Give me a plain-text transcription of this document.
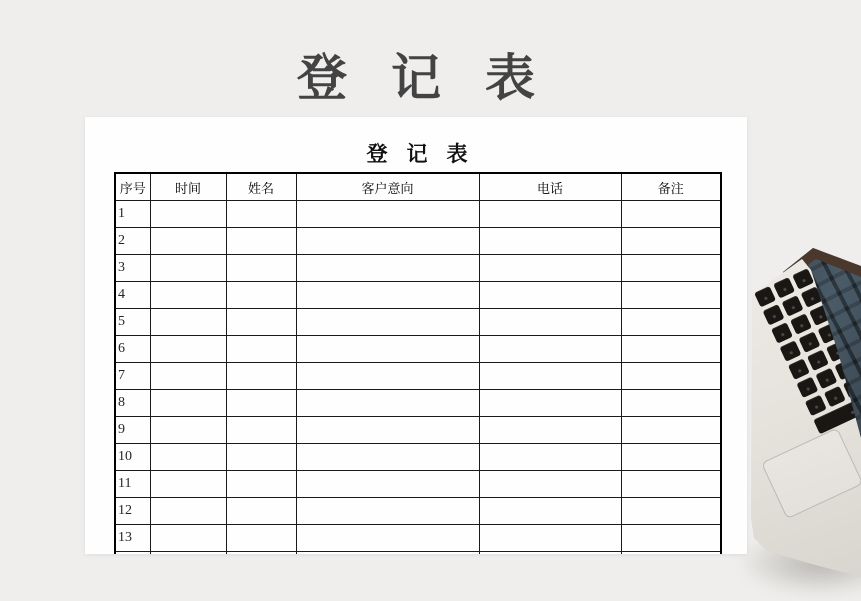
登记表
登记表
序号	时间	姓名	客户意向	电话	备注
1					
2					
3					
4					
5					
6					
7					
8					
9					
10					
11					
12					
13					
